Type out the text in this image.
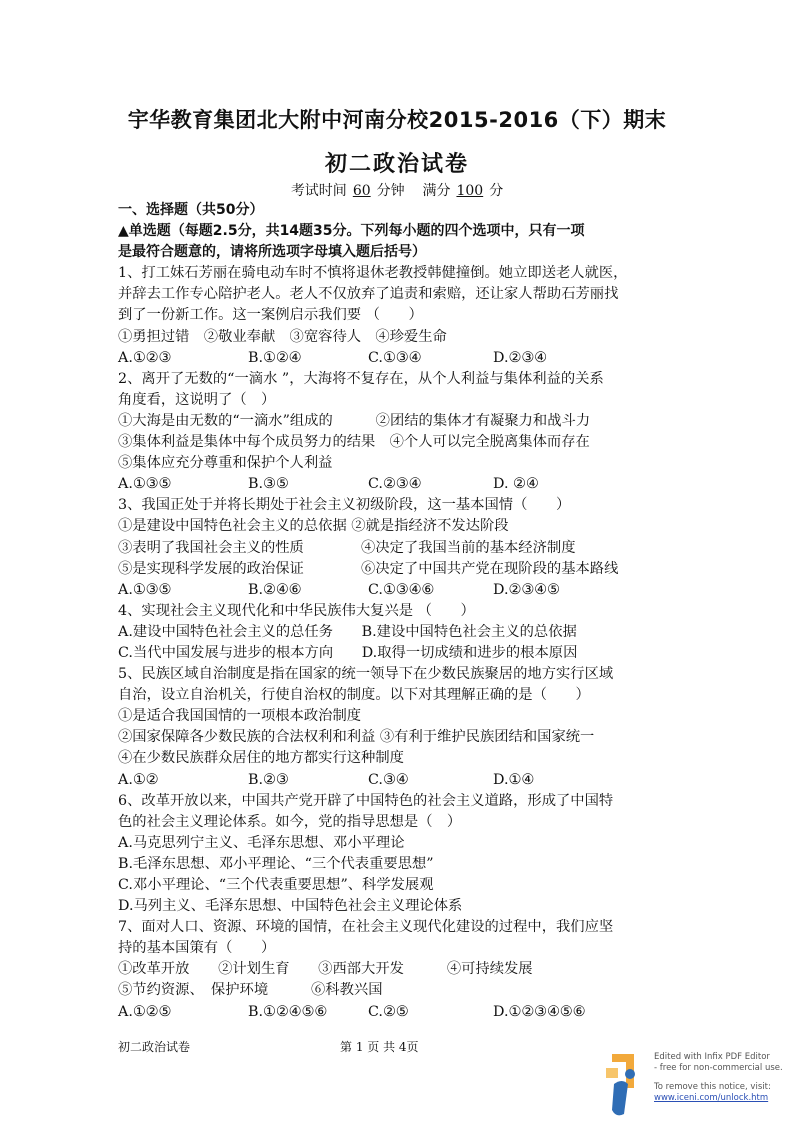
宇华教育集团北大附中河南分校2015-2016（下）期末
初二政治试卷
考试时间 60 分钟 满分 100 分
一、选择题（共50分）
▲单选题（每题2.5分，共14题35分。下列每小题的四个选项中，只有一项
是最符合题意的，请将所选项字母填入题后括号）
1、打工妹石芳丽在骑电动车时不慎将退休老教授韩健撞倒。她立即送老人就医，
并辞去工作专心陪护老人。老人不仅放弃了追责和索赔，还让家人帮助石芳丽找
到了一份新工作。这一案例启示我们要 （　　）
①勇担过错　②敬业奉献　③宽容待人　④珍爱生命
A.①②③	B.①②④	C.①③④	D.②③④
2、离开了无数的“一滴水 ”，大海将不复存在，从个人利益与集体利益的关系
角度看，这说明了（　）
①大海是由无数的“一滴水”组成的　　　②团结的集体才有凝聚力和战斗力
③集体利益是集体中每个成员努力的结果　④个人可以完全脱离集体而存在
⑤集体应充分尊重和保护个人利益
A.①③⑤	B.③⑤	C.②③④	D. ②④
3、我国正处于并将长期处于社会主义初级阶段，这一基本国情（　　）
①是建设中国特色社会主义的总依据 ②就是指经济不发达阶段
③表明了我国社会主义的性质　　　　④决定了我国当前的基本经济制度
⑤是实现科学发展的政治保证　　　　⑥决定了中国共产党在现阶段的基本路线
A.①③⑤	B.②④⑥	C.①③④⑥	D.②③④⑤
4、实现社会主义现代化和中华民族伟大复兴是 （　　）
A.建设中国特色社会主义的总任务　　B.建设中国特色社会主义的总依据
C.当代中国发展与进步的根本方向　　D.取得一切成绩和进步的根本原因
5、民族区域自治制度是指在国家的统一领导下在少数民族聚居的地方实行区域
自治，设立自治机关，行使自治权的制度。以下对其理解正确的是（　　）
①是适合我国国情的一项根本政治制度
②国家保障各少数民族的合法权利和利益 ③有利于维护民族团结和国家统一
④在少数民族群众居住的地方都实行这种制度
A.①②	B.②③	C.③④	D.①④
6、改革开放以来，中国共产党开辟了中国特色的社会主义道路，形成了中国特
色的社会主义理论体系。如今，党的指导思想是（　）
A.马克思列宁主义、毛泽东思想、邓小平理论
B.毛泽东思想、邓小平理论、“三个代表重要思想”
C.邓小平理论、“三个代表重要思想”、科学发展观
D.马列主义、毛泽东思想、中国特色社会主义理论体系
7、面对人口、资源、环境的国情，在社会主义现代化建设的过程中，我们应坚
持的基本国策有（　　）
①改革开放　　②计划生育　　③西部大开发　　　④可持续发展
⑤节约资源、　保护环境　　　⑥科教兴国
A.①②⑤	B.①②④⑤⑥	C.②⑤	D.①②③④⑤⑥
初二政治试卷	第 1 页 共 4页
Edited with Infix PDF Editor
- free for non-commercial use.
To remove this notice, visit:
www.iceni.com/unlock.htm
